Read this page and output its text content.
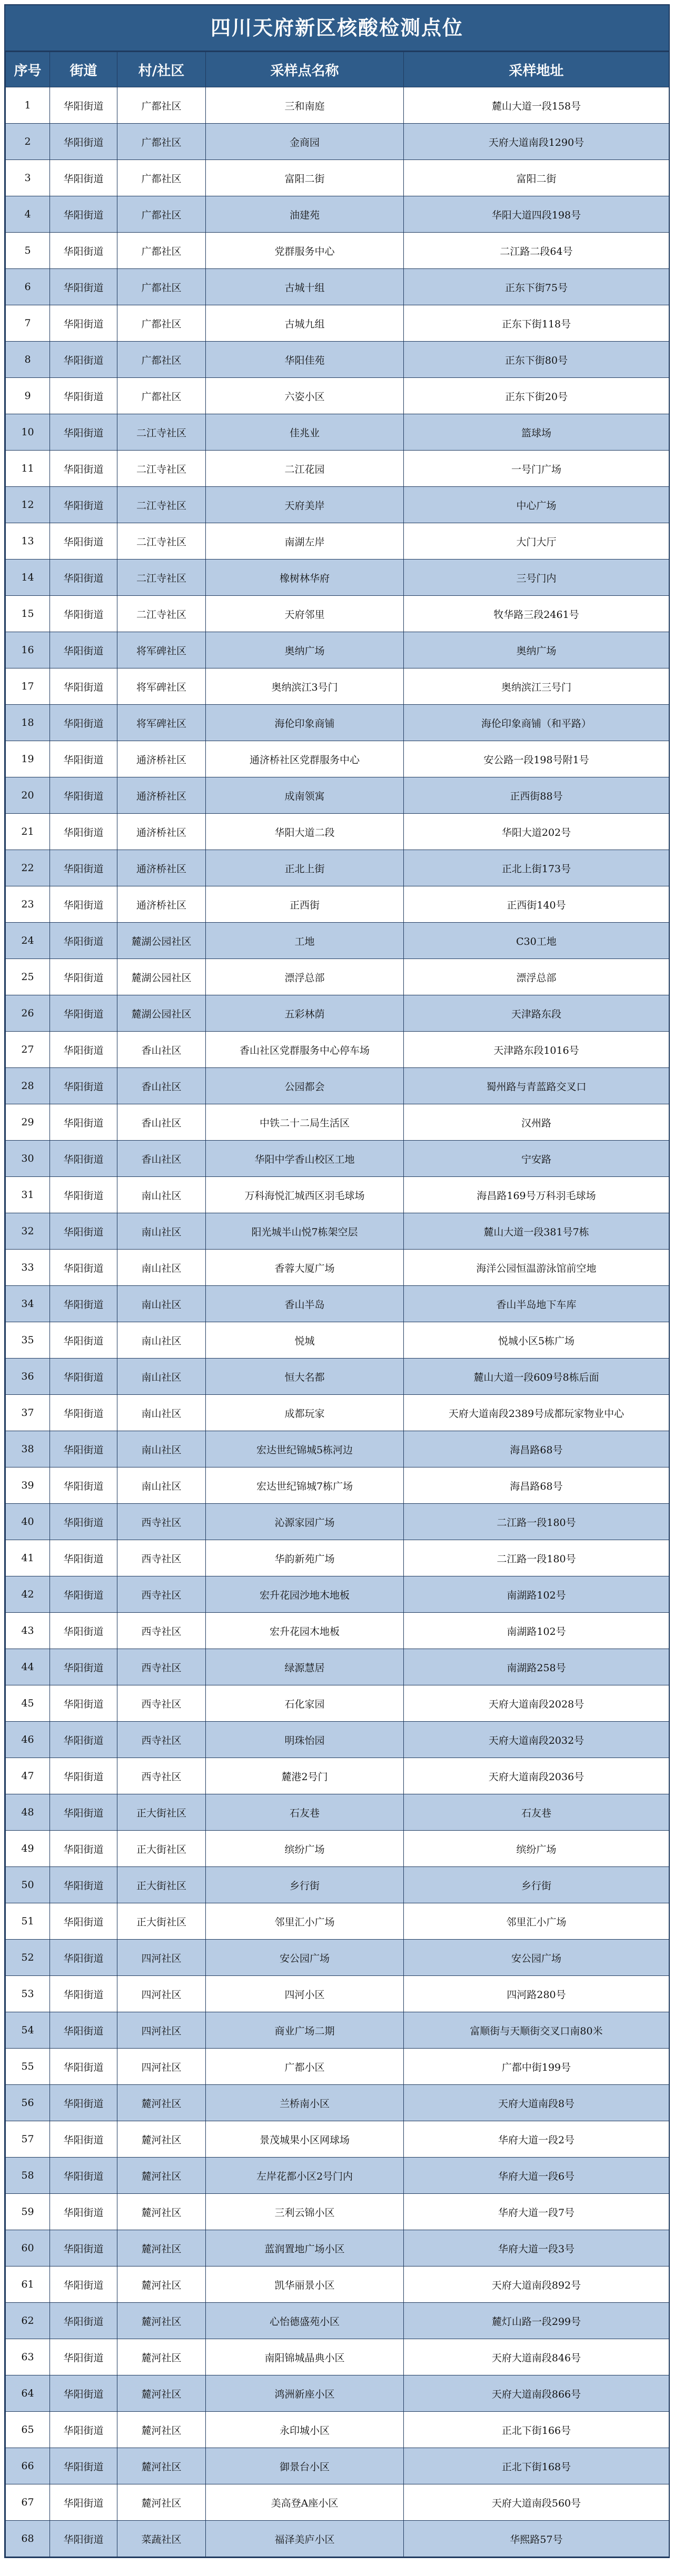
四川天府新区核酸检测点位
序号	街道	村/社区	采样点名称	采样地址
1	华阳街道	广都社区	三和南庭	麓山大道一段158号
2	华阳街道	广都社区	金商园	天府大道南段1290号
3	华阳街道	广都社区	富阳二街	富阳二街
4	华阳街道	广都社区	油建苑	华阳大道四段198号
5	华阳街道	广都社区	党群服务中心	二江路二段64号
6	华阳街道	广都社区	古城十组	正东下街75号
7	华阳街道	广都社区	古城九组	正东下街118号
8	华阳街道	广都社区	华阳佳苑	正东下街80号
9	华阳街道	广都社区	六姿小区	正东下街20号
10	华阳街道	二江寺社区	佳兆业	篮球场
11	华阳街道	二江寺社区	二江花园	一号门广场
12	华阳街道	二江寺社区	天府美岸	中心广场
13	华阳街道	二江寺社区	南湖左岸	大门大厅
14	华阳街道	二江寺社区	橡树林华府	三号门内
15	华阳街道	二江寺社区	天府邻里	牧华路三段2461号
16	华阳街道	将军碑社区	奥纳广场	奥纳广场
17	华阳街道	将军碑社区	奥纳滨江3号门	奥纳滨江三号门
18	华阳街道	将军碑社区	海伦印象商铺	海伦印象商铺（和平路）
19	华阳街道	通济桥社区	通济桥社区党群服务中心	安公路一段198号附1号
20	华阳街道	通济桥社区	成南领寓	正西街88号
21	华阳街道	通济桥社区	华阳大道二段	华阳大道202号
22	华阳街道	通济桥社区	正北上街	正北上街173号
23	华阳街道	通济桥社区	正西街	正西街140号
24	华阳街道	麓湖公园社区	工地	C30工地
25	华阳街道	麓湖公园社区	漂浮总部	漂浮总部
26	华阳街道	麓湖公园社区	五彩林荫	天津路东段
27	华阳街道	香山社区	香山社区党群服务中心停车场	天津路东段1016号
28	华阳街道	香山社区	公园都会	蜀州路与青蓝路交叉口
29	华阳街道	香山社区	中铁二十二局生活区	汉州路
30	华阳街道	香山社区	华阳中学香山校区工地	宁安路
31	华阳街道	南山社区	万科海悦汇城西区羽毛球场	海昌路169号万科羽毛球场
32	华阳街道	南山社区	阳光城半山悦7栋架空层	麓山大道一段381号7栋
33	华阳街道	南山社区	香蓉大厦广场	海洋公园恒温游泳馆前空地
34	华阳街道	南山社区	香山半岛	香山半岛地下车库
35	华阳街道	南山社区	悦城	悦城小区5栋广场
36	华阳街道	南山社区	恒大名都	麓山大道一段609号8栋后面
37	华阳街道	南山社区	成都玩家	天府大道南段2389号成都玩家物业中心
38	华阳街道	南山社区	宏达世纪锦城5栋河边	海昌路68号
39	华阳街道	南山社区	宏达世纪锦城7栋广场	海昌路68号
40	华阳街道	西寺社区	沁源家园广场	二江路一段180号
41	华阳街道	西寺社区	华韵新苑广场	二江路一段180号
42	华阳街道	西寺社区	宏升花园沙地木地板	南湖路102号
43	华阳街道	西寺社区	宏升花园木地板	南湖路102号
44	华阳街道	西寺社区	绿源慧居	南湖路258号
45	华阳街道	西寺社区	石化家园	天府大道南段2028号
46	华阳街道	西寺社区	明珠怡园	天府大道南段2032号
47	华阳街道	西寺社区	麓港2号门	天府大道南段2036号
48	华阳街道	正大街社区	石友巷	石友巷
49	华阳街道	正大街社区	缤纷广场	缤纷广场
50	华阳街道	正大街社区	乡行街	乡行街
51	华阳街道	正大街社区	邻里汇小广场	邻里汇小广场
52	华阳街道	四河社区	安公园广场	安公园广场
53	华阳街道	四河社区	四河小区	四河路280号
54	华阳街道	四河社区	商业广场二期	富顺街与天顺街交叉口南80米
55	华阳街道	四河社区	广都小区	广都中街199号
56	华阳街道	麓河社区	兰桥南小区	天府大道南段8号
57	华阳街道	麓河社区	景茂城果小区网球场	华府大道一段2号
58	华阳街道	麓河社区	左岸花都小区2号门内	华府大道一段6号
59	华阳街道	麓河社区	三利云锦小区	华府大道一段7号
60	华阳街道	麓河社区	蓝润置地广场小区	华府大道一段3号
61	华阳街道	麓河社区	凯华丽景小区	天府大道南段892号
62	华阳街道	麓河社区	心怡德盛苑小区	麓灯山路一段299号
63	华阳街道	麓河社区	南阳锦城晶典小区	天府大道南段846号
64	华阳街道	麓河社区	鸿洲新座小区	天府大道南段866号
65	华阳街道	麓河社区	永印城小区	正北下街166号
66	华阳街道	麓河社区	御景台小区	正北下街168号
67	华阳街道	麓河社区	美高登A座小区	天府大道南段560号
68	华阳街道	菜蔬社区	福泽美庐小区	华熙路57号
